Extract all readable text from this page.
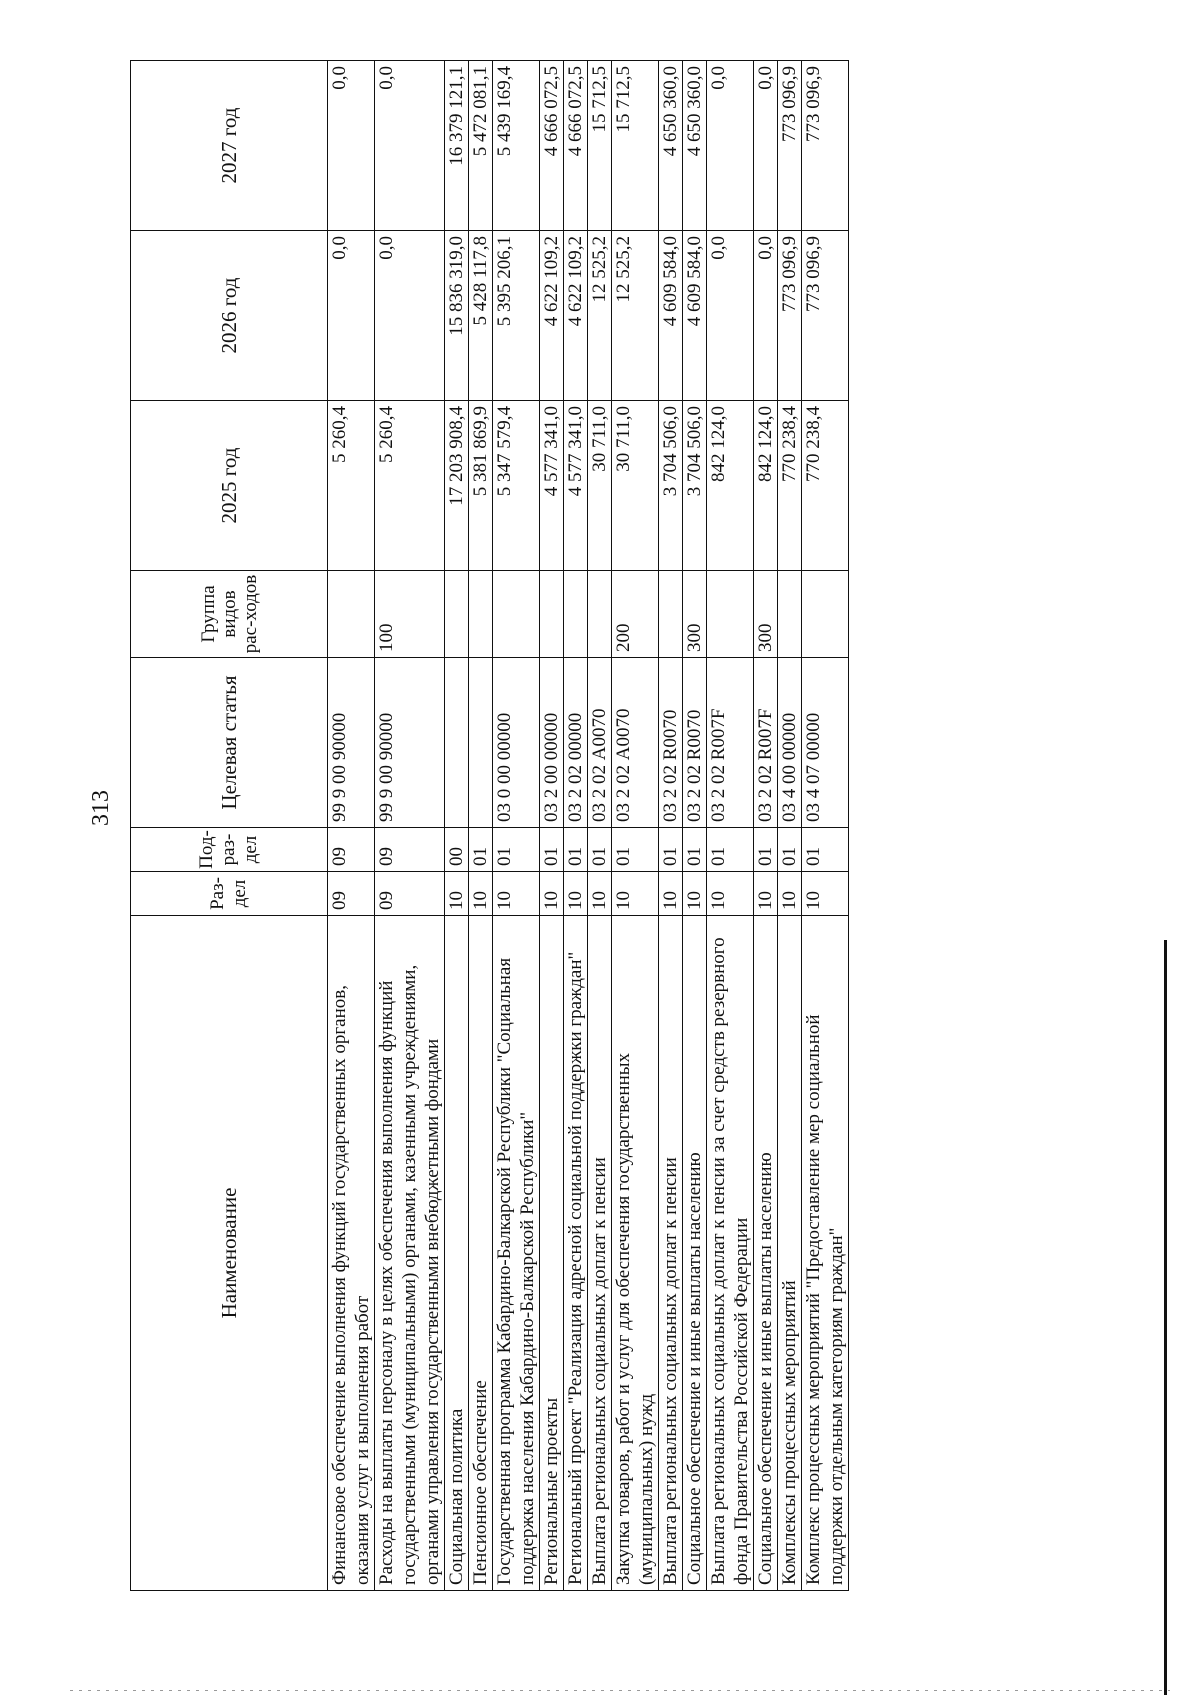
313
Наименование	Раз-дел	Под-раз-дел	Целевая статья	Группа видов рас-ходов	2025 год	2026 год	2027 год
Финансовое обеспечение выполнения функций государственных органов, оказания услуг и выполнения работ	09	09	99 9 00 90000		5 260,4	0,0	0,0
Расходы на выплаты персоналу в целях обеспечения выполнения функций государственными (муниципальными) органами, казенными учреждениями, органами управления государственными внебюджетными фондами	09	09	99 9 00 90000	100	5 260,4	0,0	0,0
Социальная политика	10	00			17 203 908,4	15 836 319,0	16 379 121,1
Пенсионное обеспечение	10	01			5 381 869,9	5 428 117,8	5 472 081,1
Государственная программа Кабардино-Балкарской Республики "Социальная поддержка населения Кабардино-Балкарской Республики"	10	01	03 0 00 00000		5 347 579,4	5 395 206,1	5 439 169,4
Региональные проекты	10	01	03 2 00 00000		4 577 341,0	4 622 109,2	4 666 072,5
Региональный проект "Реализация адресной социальной поддержки граждан"	10	01	03 2 02 00000		4 577 341,0	4 622 109,2	4 666 072,5
Выплата региональных социальных доплат к пенсии	10	01	03 2 02 А0070		30 711,0	12 525,2	15 712,5
Закупка товаров, работ и услуг для обеспечения государственных (муниципальных) нужд	10	01	03 2 02 А0070	200	30 711,0	12 525,2	15 712,5
Выплата региональных социальных доплат к пенсии	10	01	03 2 02 R0070		3 704 506,0	4 609 584,0	4 650 360,0
Социальное обеспечение и иные выплаты населению	10	01	03 2 02 R0070	300	3 704 506,0	4 609 584,0	4 650 360,0
Выплата региональных социальных доплат к пенсии за счет средств резервного фонда Правительства Российской Федерации	10	01	03 2 02 R007F		842 124,0	0,0	0,0
Социальное обеспечение и иные выплаты населению	10	01	03 2 02 R007F	300	842 124,0	0,0	0,0
Комплексы процессных мероприятий	10	01	03 4 00 00000		770 238,4	773 096,9	773 096,9
Комплекс процессных мероприятий "Предоставление мер социальной поддержки отдельным категориям граждан"	10	01	03 4 07 00000		770 238,4	773 096,9	773 096,9
